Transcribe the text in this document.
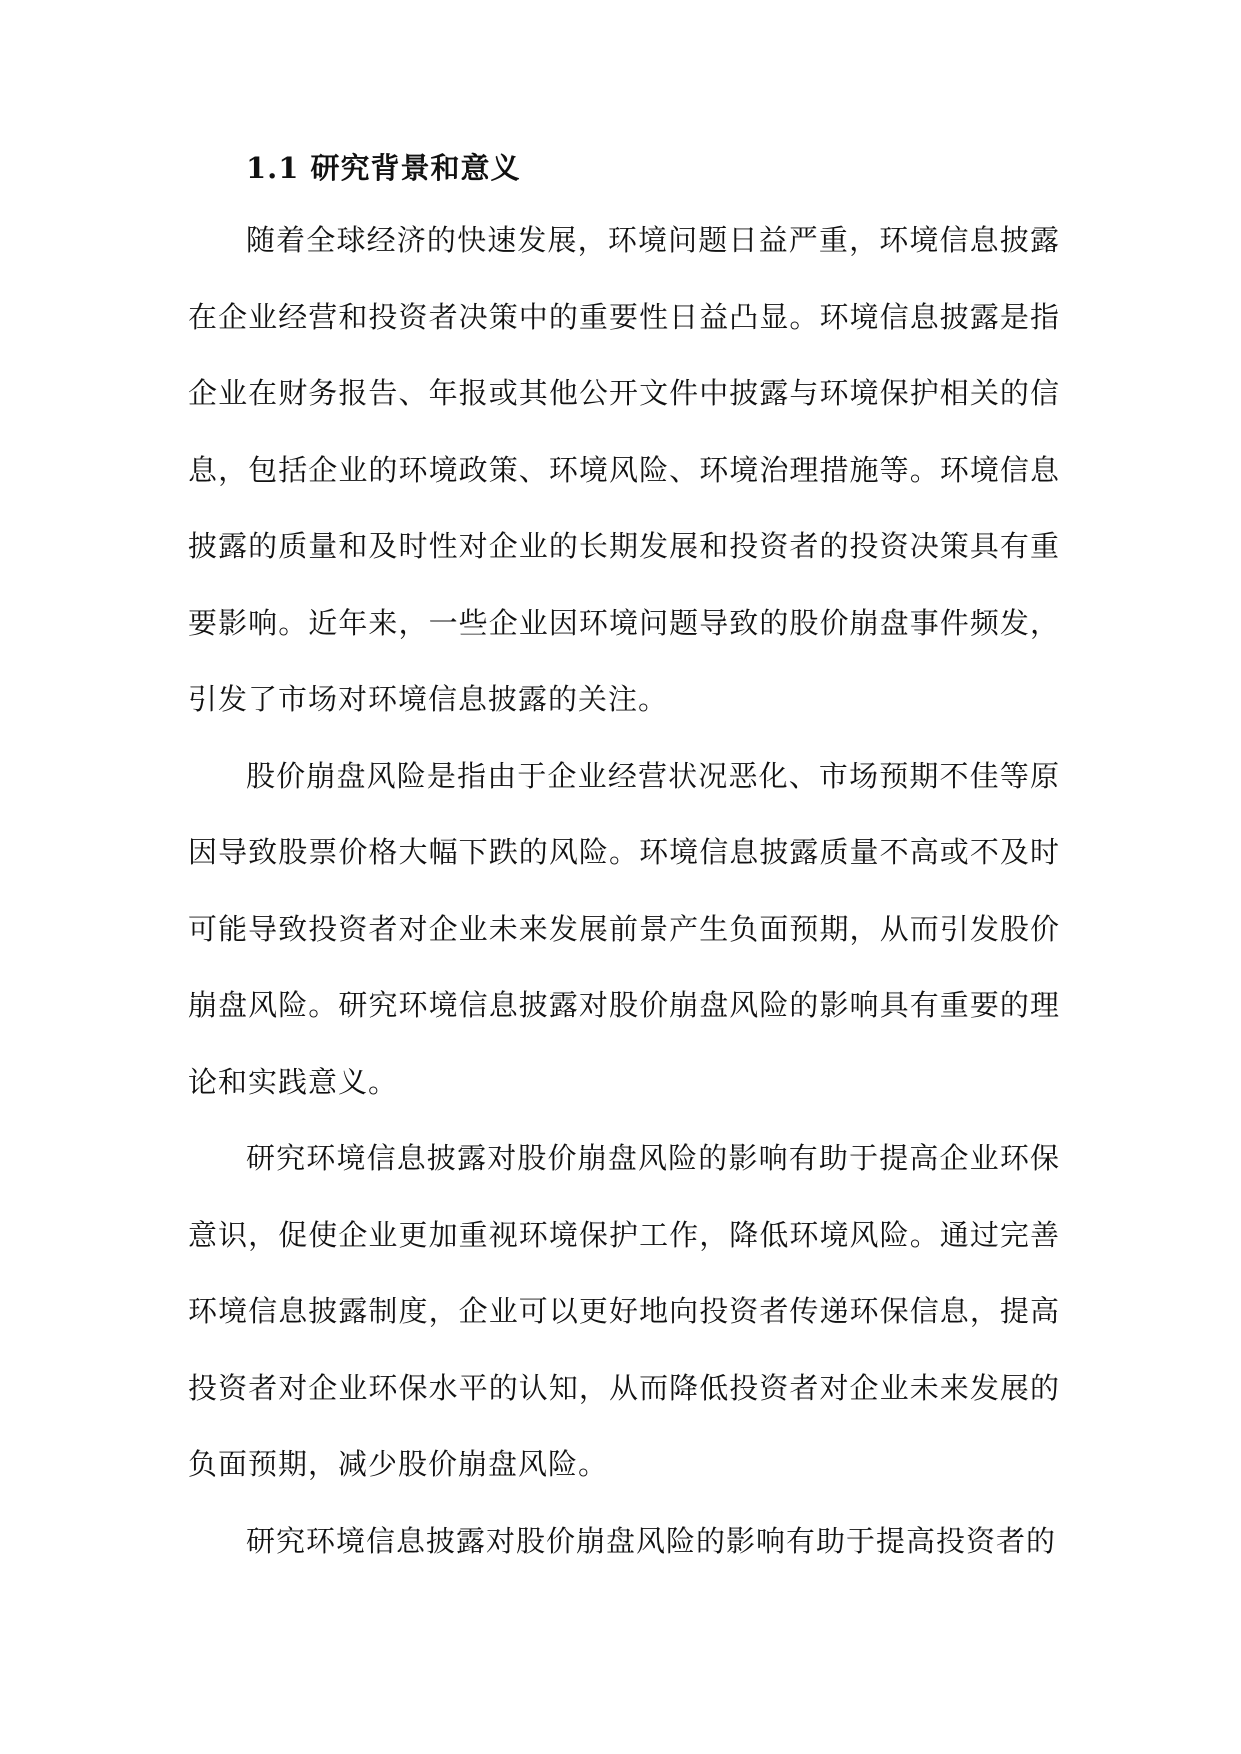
1.1 研究背景和意义

随着全球经济的快速发展，环境问题日益严重，环境信息披露在企业经营和投资者决策中的重要性日益凸显。环境信息披露是指企业在财务报告、年报或其他公开文件中披露与环境保护相关的信息，包括企业的环境政策、环境风险、环境治理措施等。环境信息披露的质量和及时性对企业的长期发展和投资者的投资决策具有重要影响。近年来，一些企业因环境问题导致的股价崩盘事件频发，引发了市场对环境信息披露的关注。

股价崩盘风险是指由于企业经营状况恶化、市场预期不佳等原因导致股票价格大幅下跌的风险。环境信息披露质量不高或不及时可能导致投资者对企业未来发展前景产生负面预期，从而引发股价崩盘风险。研究环境信息披露对股价崩盘风险的影响具有重要的理论和实践意义。

研究环境信息披露对股价崩盘风险的影响有助于提高企业环保意识，促使企业更加重视环境保护工作，降低环境风险。通过完善环境信息披露制度，企业可以更好地向投资者传递环保信息，提高投资者对企业环保水平的认知，从而降低投资者对企业未来发展的负面预期，减少股价崩盘风险。

研究环境信息披露对股价崩盘风险的影响有助于提高投资者的
